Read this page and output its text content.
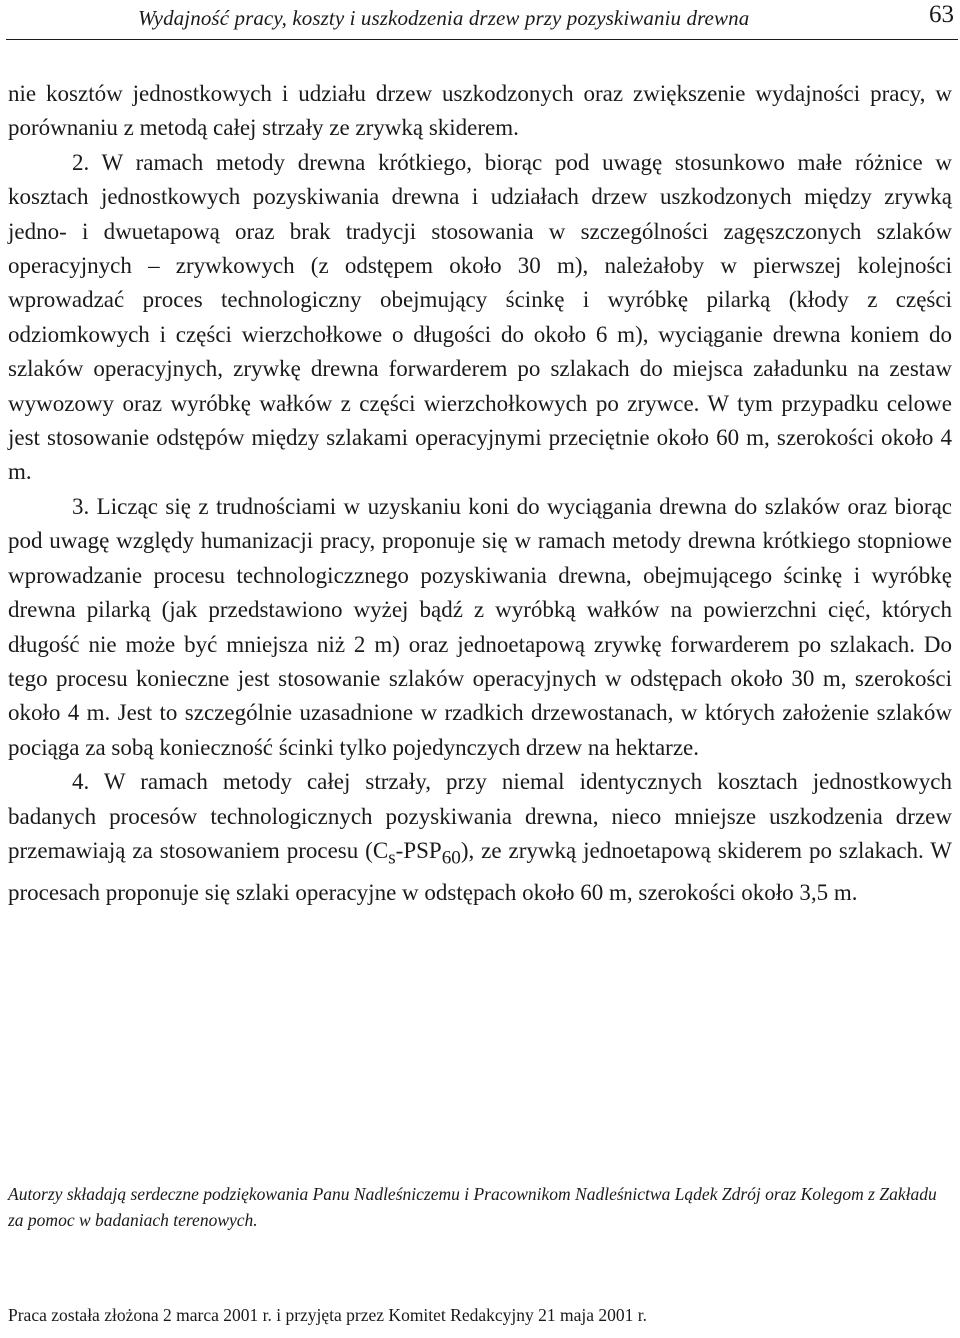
Wydajność pracy, koszty i uszkodzenia drzew przy pozyskiwaniu drewna	63

nie kosztów jednostkowych i udziału drzew uszkodzonych oraz zwiększenie wydajności pracy, w porównaniu z metodą całej strzały ze zrywką skiderem.

2. W ramach metody drewna krótkiego, biorąc pod uwagę stosunkowo małe różnice w kosztach jednostkowych pozyskiwania drewna i udziałach drzew uszkodzonych między zrywką jedno- i dwuetapową oraz brak tradycji stosowania w szczególności zagęszczonych szlaków operacyjnych – zrywkowych (z odstępem około 30 m), należałoby w pierwszej kolejności wprowadzać proces technologiczny obejmujący ścinkę i wyróbkę pilarką (kłody z części odziomkowych i części wierzchołkowe o długości do około 6 m), wyciąganie drewna koniem do szlaków operacyjnych, zrywkę drewna forwarderem po szlakach do miejsca załadunku na zestaw wywozowy oraz wyróbkę wałków z części wierzchołkowych po zrywce. W tym przypadku celowe jest stosowanie odstępów między szlakami operacyjnymi przeciętnie około 60 m, szerokości około 4 m.

3. Licząc się z trudnościami w uzyskaniu koni do wyciągania drewna do szlaków oraz biorąc pod uwagę względy humanizacji pracy, proponuje się w ramach metody drewna krótkiego stopniowe wprowadzanie procesu technologiczznego pozyskiwania drewna, obejmującego ścinkę i wyróbkę drewna pilarką (jak przedstawiono wyżej bądź z wyróbką wałków na powierzchni cięć, których długość nie może być mniejsza niż 2 m) oraz jednoetapową zrywkę forwarderem po szlakach. Do tego procesu konieczne jest stosowanie szlaków operacyjnych w odstępach około 30 m, szerokości około 4 m. Jest to szczególnie uzasadnione w rzadkich drzewostanach, w których założenie szlaków pociąga za sobą konieczność ścinki tylko pojedynczych drzew na hektarze.

4. W ramach metody całej strzały, przy niemal identycznych kosztach jednostkowych badanych procesów technologicznych pozyskiwania drewna, nieco mniejsze uszkodzenia drzew przemawiają za stosowaniem procesu $(C_s-PSP_{60})$, ze zrywką jednoetapową skiderem po szlakach. W procesach proponuje się szlaki operacyjne w odstępach około 60 m, szerokości około 3,5 m.

Autorzy składają serdeczne podziękowania Panu Nadleśniczemu i Pracownikom Nadleśnictwa Lądek Zdrój oraz Kolegom z Zakładu za pomoc w badaniach terenowych.

Praca została złożona 2 marca 2001 r. i przyjęta przez Komitet Redakcyjny 21 maja 2001 r.
